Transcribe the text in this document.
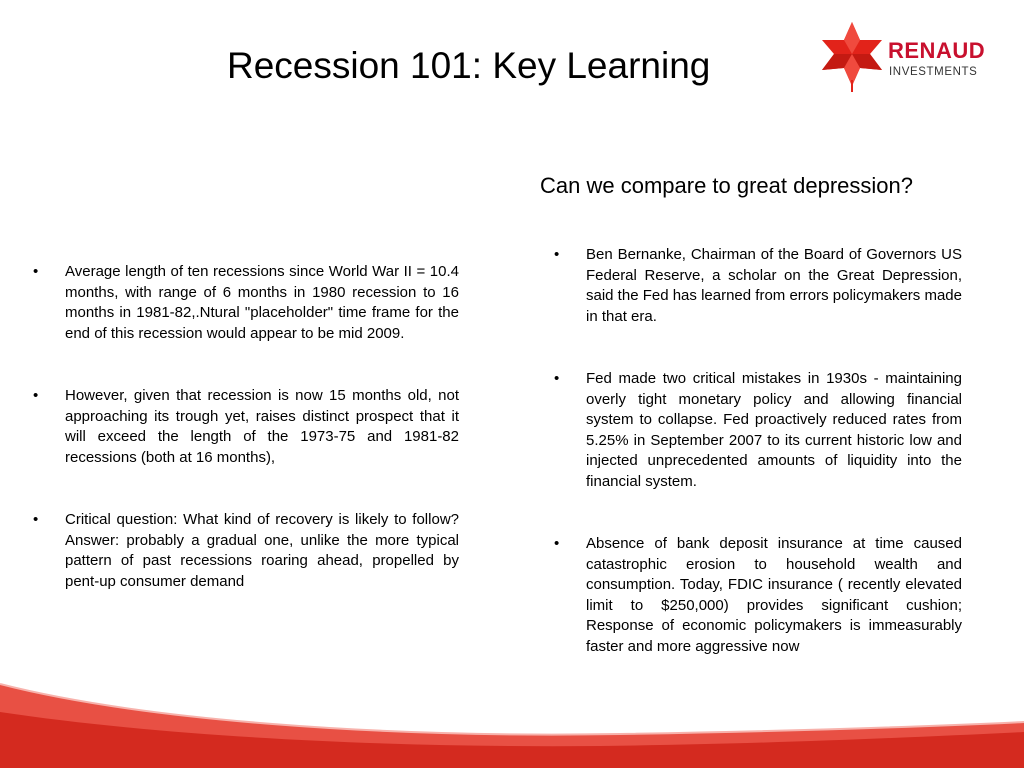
Recession 101: Key Learning	RENAUD
INVESTMENTS
Can we compare to great depression?
• Average length of ten recessions since World War II = 10.4 months, with range of 6 months in 1980 recession to 16 months in 1981-82,.Ntural "placeholder" time frame for the end of this recession would appear to be mid 2009.
• However, given that recession is now 15 months old, not approaching its trough yet, raises distinct prospect that it will exceed the length of the 1973-75 and 1981-82 recessions (both at 16 months),
• Critical question: What kind of recovery is likely to follow? Answer: probably a gradual one, unlike the more typical pattern of past recessions roaring ahead, propelled by pent-up consumer demand
• Ben Bernanke, Chairman of the Board of Governors US Federal Reserve, a scholar on the Great Depression, said the Fed has learned from errors policymakers made in that era.
• Fed made two critical mistakes in 1930s - maintaining overly tight monetary policy and allowing financial system to collapse. Fed proactively reduced rates from 5.25% in September 2007 to its current historic low and injected unprecedented amounts of liquidity into the financial system.
• Absence of bank deposit insurance at time caused catastrophic erosion to household wealth and consumption. Today, FDIC insurance ( recently elevated limit to $250,000) provides significant cushion; Response of economic policymakers is immeasurably faster and more aggressive now
